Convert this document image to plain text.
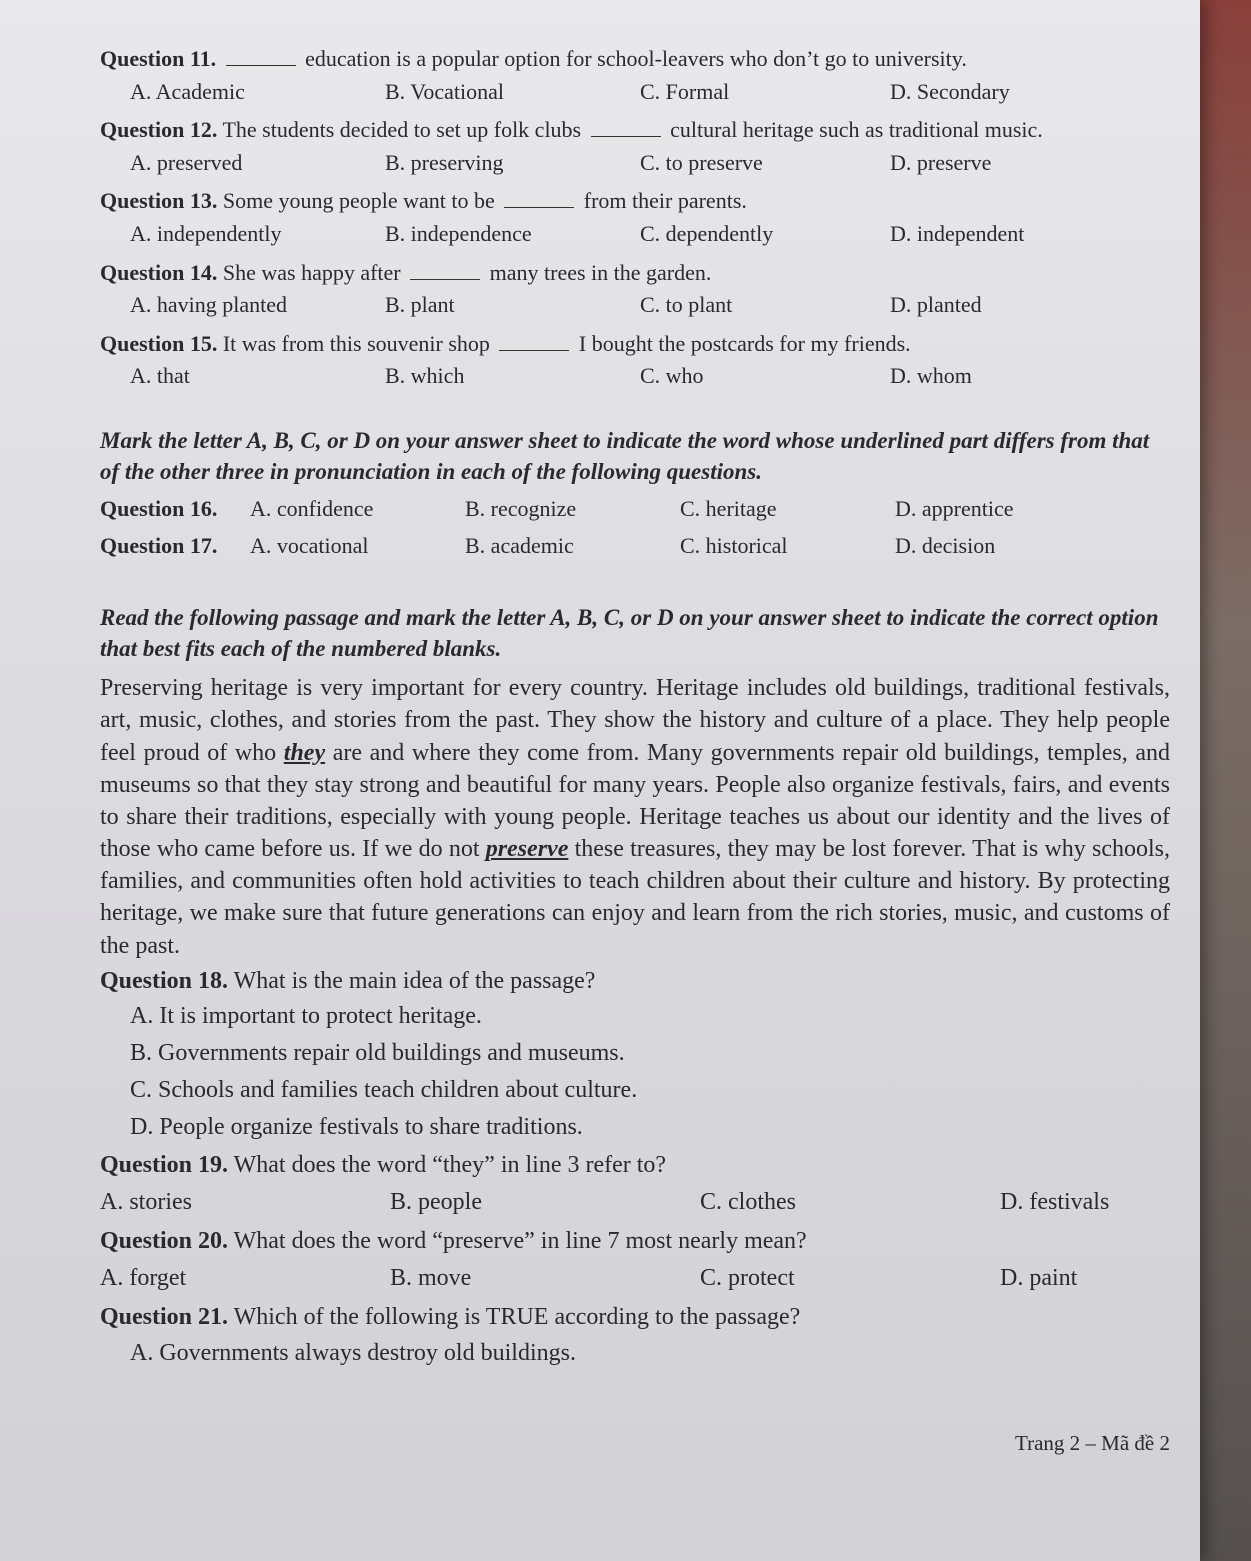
Question 11.	education is a popular option for school-leavers who don’t go to university.

A. Academic	B. Vocational	C. Formal	D. Secondary

Question 12. The students decided to set up folk clubs	cultural heritage such as traditional music.

A. preserved	B. preserving	C. to preserve	D. preserve

Question 13. Some young people want to be	from their parents.

A. independently	B. independence	C. dependently	D. independent

Question 14. She was happy after	many trees in the garden.

A. having planted	B. plant	C. to plant	D. planted

Question 15. It was from this souvenir shop	I bought the postcards for my friends.

A. that	B. which	C. who	D. whom

Mark the letter A, B, C, or D on your answer sheet to indicate the word whose underlined part differs from that of the other three in pronunciation in each of the following questions.

Question 16.	A. confidence	B. recognize	C. heritage	D. apprentice
Question 17.	A. vocational	B. academic	C. historical	D. decision

Read the following passage and mark the letter A, B, C, or D on your answer sheet to indicate the correct option that best fits each of the numbered blanks.

Preserving heritage is very important for every country. Heritage includes old buildings, traditional festivals, art, music, clothes, and stories from the past. They show the history and culture of a place. They help people feel proud of who they are and where they come from. Many governments repair old buildings, temples, and museums so that they stay strong and beautiful for many years. People also organize festivals, fairs, and events to share their traditions, especially with young people. Heritage teaches us about our identity and the lives of those who came before us. If we do not preserve these treasures, they may be lost forever. That is why schools, families, and communities often hold activities to teach children about their culture and history. By protecting heritage, we make sure that future generations can enjoy and learn from the rich stories, music, and customs of the past.

Question 18. What is the main idea of the passage?

A. It is important to protect heritage.
B. Governments repair old buildings and museums.
C. Schools and families teach children about culture.
D. People organize festivals to share traditions.

Question 19. What does the word “they” in line 3 refer to?

A. stories	B. people	C. clothes	D. festivals

Question 20. What does the word “preserve” in line 7 most nearly mean?

A. forget	B. move	C. protect	D. paint

Question 21. Which of the following is TRUE according to the passage?

A. Governments always destroy old buildings.
Trang 2 – Mã đề 2
